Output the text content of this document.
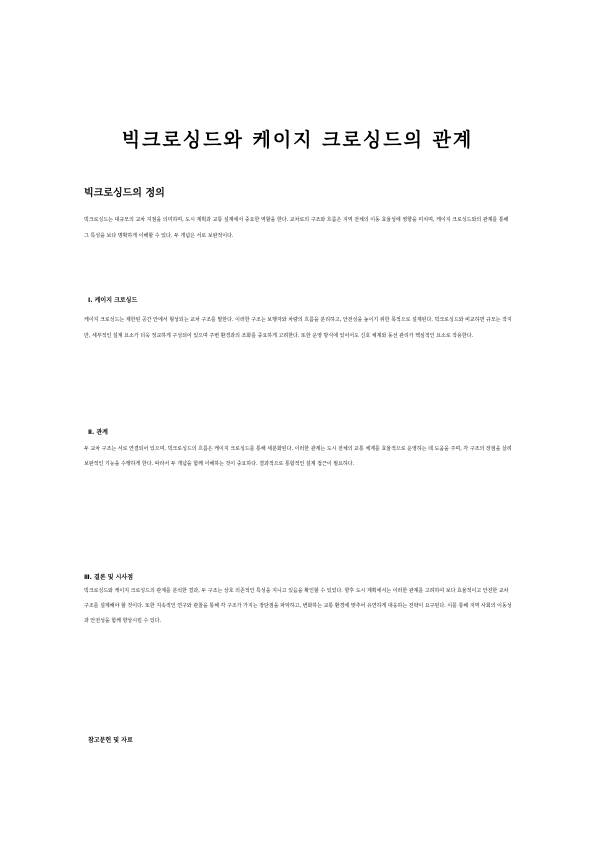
빅크로싱드와 케이지 크로싱드의 관계
빅크로싱드의 정의
빅크로싱드는 대규모의 교차 지점을 의미하며, 도시 계획과 교통 설계에서 중요한 역할을 한다. 교차로의 구조와 흐름은 지역 전체의 이동 효율성에 영향을 미치며, 케이지 크로싱드와의 관계를 통해 그 특성을 보다 명확하게 이해할 수 있다. 두 개념은 서로 보완적이다.
Ⅰ. 케이지 크로싱드
케이지 크로싱드는 제한된 공간 안에서 형성되는 교차 구조를 말한다. 이러한 구조는 보행자와 차량의 흐름을 분리하고, 안전성을 높이기 위한 목적으로 설계된다. 빅크로싱드와 비교하면 규모는 작지만, 세부적인 설계 요소가 더욱 정교하게 구성되어 있으며 주변 환경과의 조화를 중요하게 고려한다. 또한 운영 방식에 있어서도 신호 체계와 동선 관리가 핵심적인 요소로 작용한다.
Ⅱ. 관계
두 교차 구조는 서로 연결되어 있으며, 빅크로싱드의 흐름은 케이지 크로싱드를 통해 세분화된다. 이러한 관계는 도시 전체의 교통 체계를 효율적으로 운영하는 데 도움을 주며, 각 구조의 장점을 살려 보완적인 기능을 수행하게 한다. 따라서 두 개념을 함께 이해하는 것이 중요하다. 결과적으로 통합적인 설계 접근이 필요하다.
Ⅲ. 결론 및 시사점
빅크로싱드와 케이지 크로싱드의 관계를 분석한 결과, 두 구조는 상호 의존적인 특성을 지니고 있음을 확인할 수 있었다. 향후 도시 계획에서는 이러한 관계를 고려하여 보다 효율적이고 안전한 교차 구조를 설계해야 할 것이다. 또한 지속적인 연구와 관찰을 통해 각 구조가 가지는 장단점을 파악하고, 변화하는 교통 환경에 맞추어 유연하게 대응하는 전략이 요구된다. 이를 통해 지역 사회의 이동성과 안전성을 함께 향상시킬 수 있다.
참고문헌 및 자료
